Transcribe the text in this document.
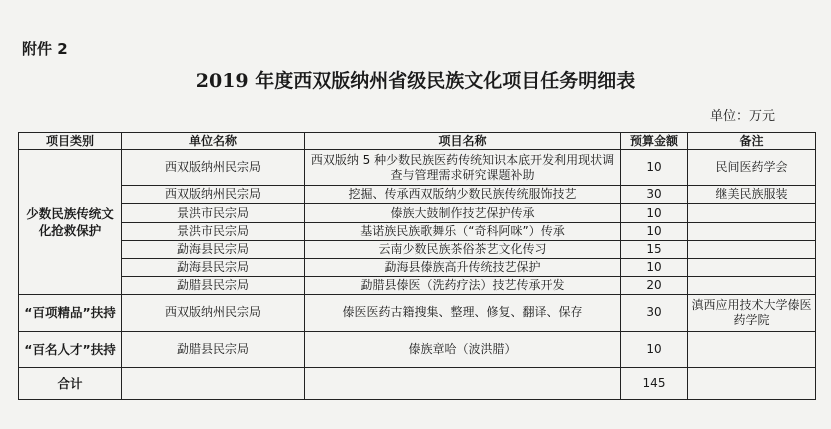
附件 2
2019 年度西双版纳州省级民族文化项目任务明细表
单位：万元
项目类别	单位名称	项目名称	预算金额	备注
少数民族传统文化抢救保护	西双版纳州民宗局	西双版纳 5 种少数民族医药传统知识本底开发利用现状调查与管理需求研究课题补助	10	民间医药学会
	西双版纳州民宗局	挖掘、传承西双版纳少数民族传统服饰技艺	30	继美民族服装
	景洪市民宗局	傣族大鼓制作技艺保护传承	10	
	景洪市民宗局	基诺族民族歌舞乐（“奇科阿咪”）传承	10	
	勐海县民宗局	云南少数民族茶俗茶艺文化传习	15	
	勐海县民宗局	勐海县傣族高升传统技艺保护	10	
	勐腊县民宗局	勐腊县傣医（洗药疗法）技艺传承开发	20	
“百项精品”扶持	西双版纳州民宗局	傣医医药古籍搜集、整理、修复、翻译、保存	30	滇西应用技术大学傣医药学院
“百名人才”扶持	勐腊县民宗局	傣族章哈（波洪腊）	10	
合计			145	
